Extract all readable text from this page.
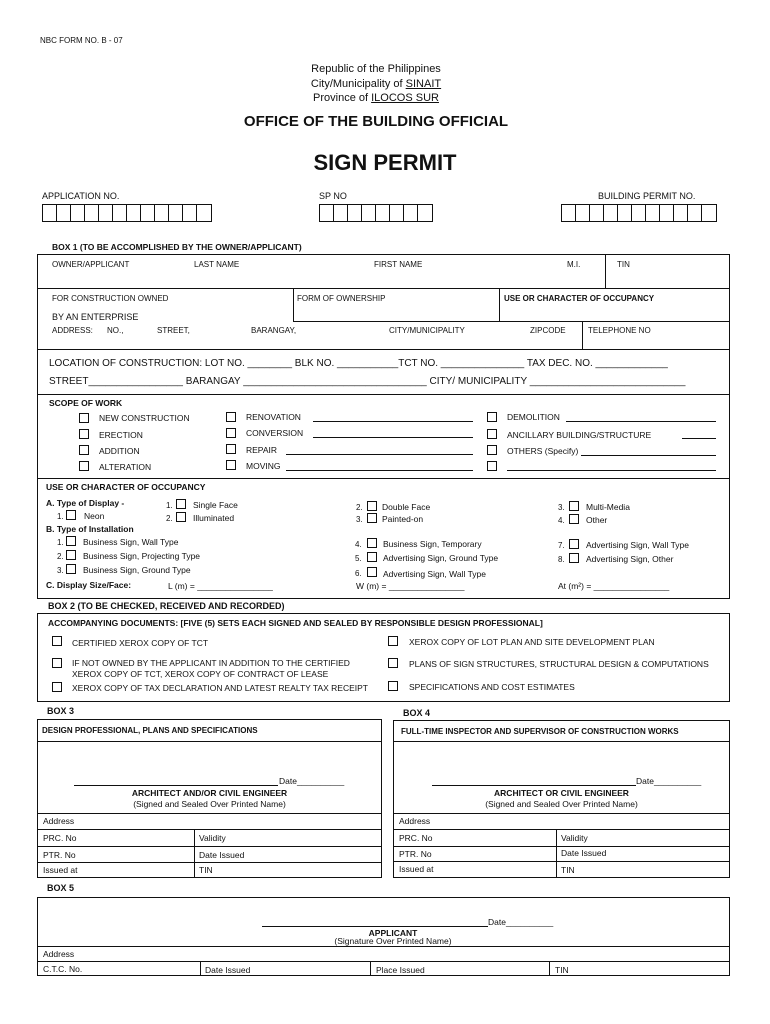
NBC FORM NO. B - 07
Republic of the Philippines
City/Municipality of SINAIT
Province of ILOCOS SUR
OFFICE OF THE BUILDING OFFICIAL
SIGN PERMIT
APPLICATION NO.	SP NO	BUILDING PERMIT NO.
BOX 1 (TO BE ACCOMPLISHED BY THE OWNER/APPLICANT)
OWNER/APPLICANT	LAST NAME	FIRST NAME	M.I.	TIN
FOR CONSTRUCTION OWNED
BY AN ENTERPRISE
FORM OF OWNERSHIP	USE OR CHARACTER OF OCCUPANCY
ADDRESS: NO.,	STREET,	BARANGAY,	CITY/MUNICIPALITY	ZIPCODE	TELEPHONE NO
LOCATION OF CONSTRUCTION: LOT NO. ________ BLK NO. ___________TCT NO. _______________ TAX DEC. NO. _____________
STREET_________________ BARANGAY _________________________________ CITY/ MUNICIPALITY ____________________________
SCOPE OF WORK
NEW CONSTRUCTION
ERECTION
ADDITION
ALTERATION
RENOVATION
CONVERSION
REPAIR
MOVING
DEMOLITION
ANCILLARY BUILDING/STRUCTURE
OTHERS (Specify)
USE OR CHARACTER OF OCCUPANCY
A. Type of Display -
1. Neon
1. Single Face
2. Illuminated
2. Double Face
3. Painted-on
3.	Multi-Media
4.	Other
B. Type of Installation
1. Business Sign, Wall Type
2. Business Sign, Projecting Type
3. Business Sign, Ground Type
4.	Business Sign, Temporary
5.	Advertising Sign, Ground Type
6.	Advertising Sign, Wall Type
7.	Advertising Sign, Wall Type
8.	Advertising Sign, Other
C. Display Size/Face:	L (m) = ________________	W (m) = ________________	At (m²) = ________________
BOX 2 (TO BE CHECKED, RECEIVED AND RECORDED)
ACCOMPANYING DOCUMENTS: [FIVE (5) SETS EACH SIGNED AND SEALED BY RESPONSIBLE DESIGN PROFESSIONAL]
CERTIFIED XEROX COPY OF TCT
IF NOT OWNED BY THE APPLICANT IN ADDITION TO THE CERTIFIED
XEROX COPY OF TCT, XEROX COPY OF CONTRACT OF LEASE
XEROX COPY OF TAX DECLARATION AND LATEST REALTY TAX RECEIPT
XEROX COPY OF LOT PLAN AND SITE DEVELOPMENT PLAN
PLANS OF SIGN STRUCTURES, STRUCTURAL DESIGN & COMPUTATIONS
SPECIFICATIONS AND COST ESTIMATES
BOX 3
DESIGN PROFESSIONAL, PLANS AND SPECIFICATIONS
Date__________
ARCHITECT AND/OR CIVIL ENGINEER
(Signed and Sealed Over Printed Name)
Address
PRC. No	Validity
PTR. No	Date Issued
Issued at	TIN
BOX 4
FULL-TIME INSPECTOR AND SUPERVISOR OF CONSTRUCTION WORKS
Date__________
ARCHITECT OR CIVIL ENGINEER
(Signed and Sealed Over Printed Name)
Address
PRC. No	Validity
PTR. No	Date Issued
Issued at	TIN
BOX 5
Date__________
APPLICANT
(Signature Over Printed Name)
Address
C.T.C. No.	Date Issued	Place Issued	TIN
